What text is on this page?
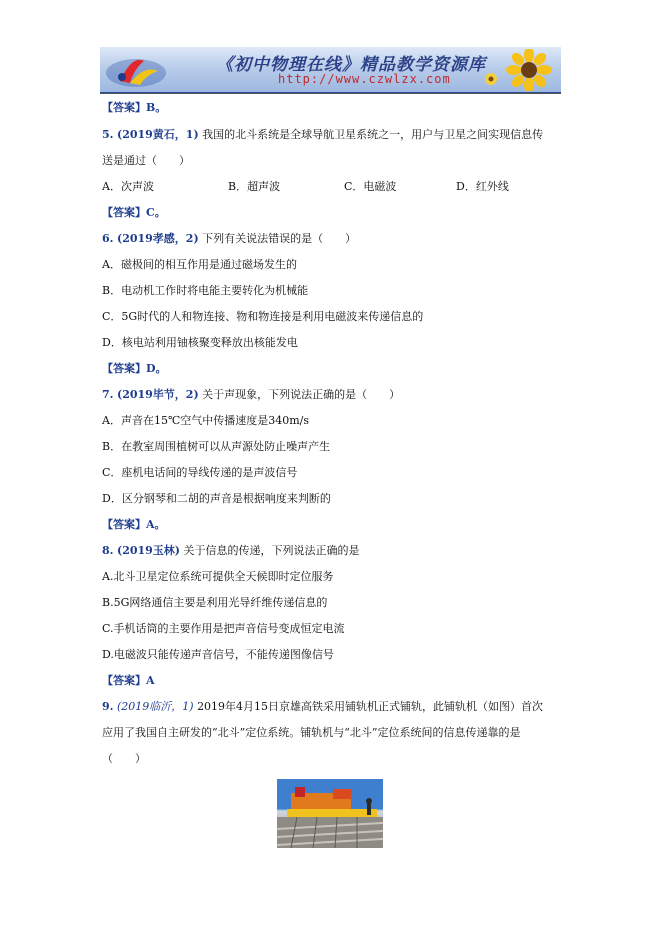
《初中物理在线》精品教学资源库
http://www.czwlzx.com
【答案】B。
5. (2019黄石，1) 我国的北斗系统是全球导航卫星系统之一，用户与卫星之间实现信息传
送是通过（　　）
A．次声波	B．超声波	C．电磁波	D．红外线
【答案】C。
6. (2019孝感，2) 下列有关说法错误的是（　　）
A．磁极间的相互作用是通过磁场发生的
B．电动机工作时将电能主要转化为机械能
C．5G时代的人和物连接、物和物连接是利用电磁波来传递信息的
D．核电站利用铀核聚变释放出核能发电
【答案】D。
7. (2019毕节，2) 关于声现象，下列说法正确的是（　　）
A．声音在15℃空气中传播速度是340m/s
B．在教室周围植树可以从声源处防止噪声产生
C．座机电话间的导线传递的是声波信号
D．区分钢琴和二胡的声音是根据响度来判断的
【答案】A。
8. (2019玉林) 关于信息的传递，下列说法正确的是
A.北斗卫星定位系统可提供全天候即时定位服务
B.5G网络通信主要是利用光导纤维传递信息的
C.手机话筒的主要作用是把声音信号变成恒定电流
D.电磁波只能传递声音信号，不能传递图像信号
【答案】A
9. (2019临沂，1) 2019年4月15日京雄高铁采用铺轨机正式铺轨，此铺轨机（如图）首次
应用了我国自主研发的“北斗”定位系统。铺轨机与“北斗”定位系统间的信息传递靠的是
（　　）
